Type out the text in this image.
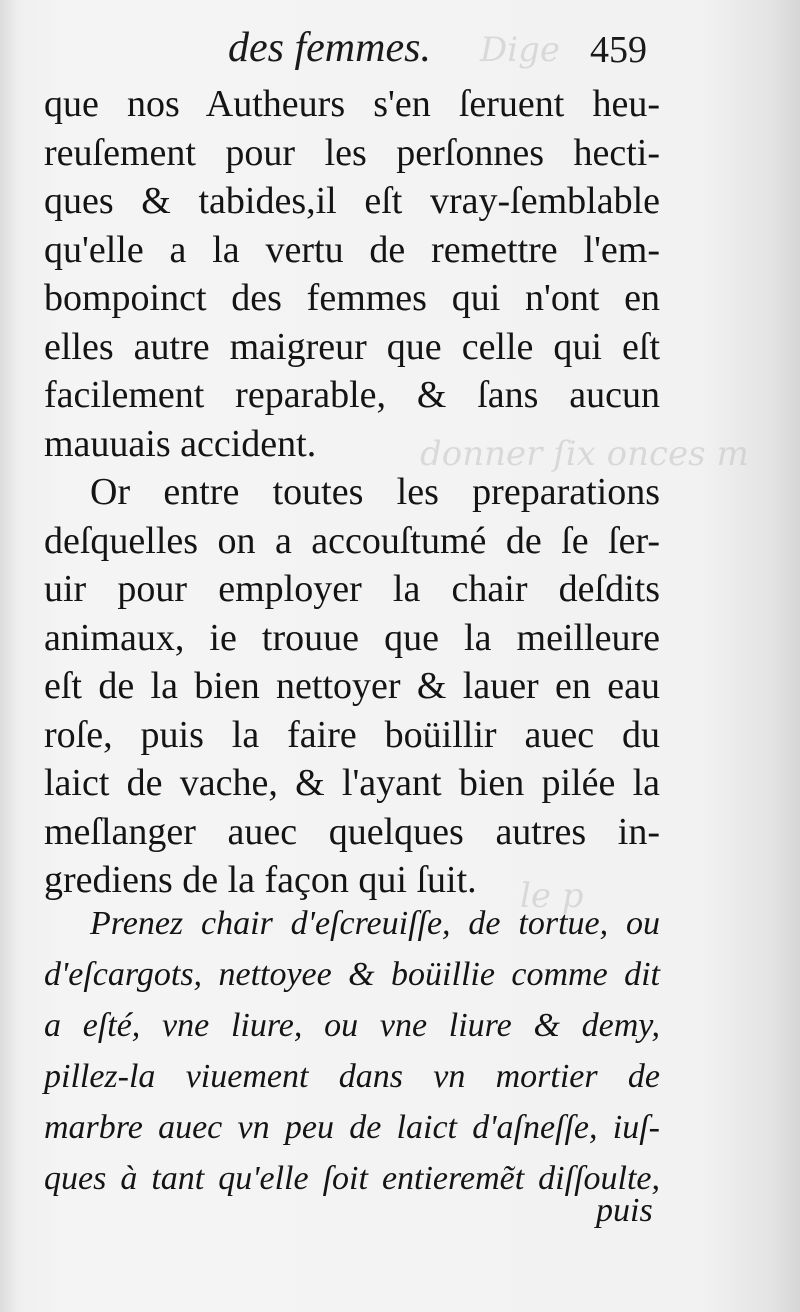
Dige
donner ſix onces m
le p
des femmes.	459
que nos Autheurs s'en ſeruent heu-
reuſement pour les perſonnes hecti-
ques & tabides,il eſt vray-ſemblable
qu'elle a la vertu de remettre l'em-
bompoinct des femmes qui n'ont en
elles autre maigreur que celle qui eſt
facilement reparable, & ſans aucun
mauuais accident.
Or entre toutes les preparations
deſquelles on a accouſtumé de ſe ſer-
uir pour employer la chair deſdits
animaux, ie trouue que la meilleure
eſt de la bien nettoyer & lauer en eau
roſe, puis la faire boüillir auec du
laict de vache, & l'ayant bien pilée la
meſlanger auec quelques autres in-
grediens de la façon qui ſuit.
Prenez chair d'eſcreuiſſe, de tortue, ou
d'eſcargots, nettoyee & boüillie comme dit
a eſté, vne liure, ou vne liure & demy,
pillez-la viuement dans vn mortier de
marbre auec vn peu de laict d'aſneſſe, iuſ-
ques à tant qu'elle ſoit entieremẽt diſſoulte,
puis
